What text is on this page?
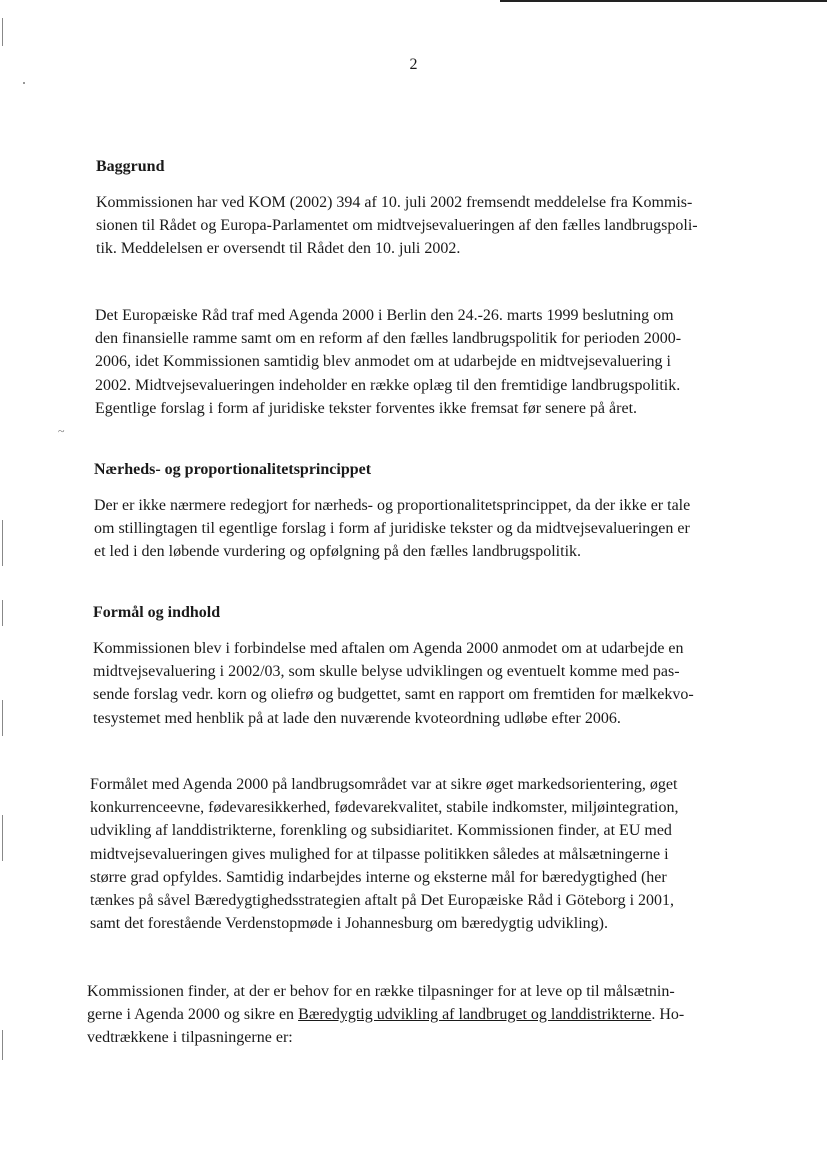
~
2
Baggrund

Kommissionen har ved KOM (2002) 394 af 10. juli 2002 fremsendt meddelelse fra Kommis-
sionen til Rådet og Europa-Parlamentet om midtvejsevalueringen af den fælles landbrugspoli-
tik. Meddelelsen er oversendt til Rådet den 10. juli 2002.

Det Europæiske Råd traf med Agenda 2000 i Berlin den 24.-26. marts 1999 beslutning om
den finansielle ramme samt om en reform af den fælles landbrugspolitik for perioden 2000-
2006, idet Kommissionen samtidig blev anmodet om at udarbejde en midtvejsevaluering i
2002. Midtvejsevalueringen indeholder en række oplæg til den fremtidige landbrugspolitik.
Egentlige forslag i form af juridiske tekster forventes ikke fremsat før senere på året.

Nærheds- og proportionalitetsprincippet

Der er ikke nærmere redegjort for nærheds- og proportionalitetsprincippet, da der ikke er tale
om stillingtagen til egentlige forslag i form af juridiske tekster og da midtvejsevalueringen er
et led i den løbende vurdering og opfølgning på den fælles landbrugspolitik.

Formål og indhold

Kommissionen blev i forbindelse med aftalen om Agenda 2000 anmodet om at udarbejde en
midtvejsevaluering i 2002/03, som skulle belyse udviklingen og eventuelt komme med pas-
sende forslag vedr. korn og oliefrø og budgettet, samt en rapport om fremtiden for mælkekvo-
tesystemet med henblik på at lade den nuværende kvoteordning udløbe efter 2006.

Formålet med Agenda 2000 på landbrugsområdet var at sikre øget markedsorientering, øget
konkurrenceevne, fødevaresikkerhed, fødevarekvalitet, stabile indkomster, miljøintegration,
udvikling af landdistrikterne, forenkling og subsidiaritet. Kommissionen finder, at EU med
midtvejsevalueringen gives mulighed for at tilpasse politikken således at målsætningerne i
større grad opfyldes. Samtidig indarbejdes interne og eksterne mål for bæredygtighed (her
tænkes på såvel Bæredygtighedsstrategien aftalt på Det Europæiske Råd i Göteborg i 2001,
samt det forestående Verdenstopmøde i Johannesburg om bæredygtig udvikling).

Kommissionen finder, at der er behov for en række tilpasninger for at leve op til målsætnin-
gerne i Agenda 2000 og sikre en Bæredygtig udvikling af landbruget og landdistrikterne. Ho-
vedtrækkene i tilpasningerne er:
